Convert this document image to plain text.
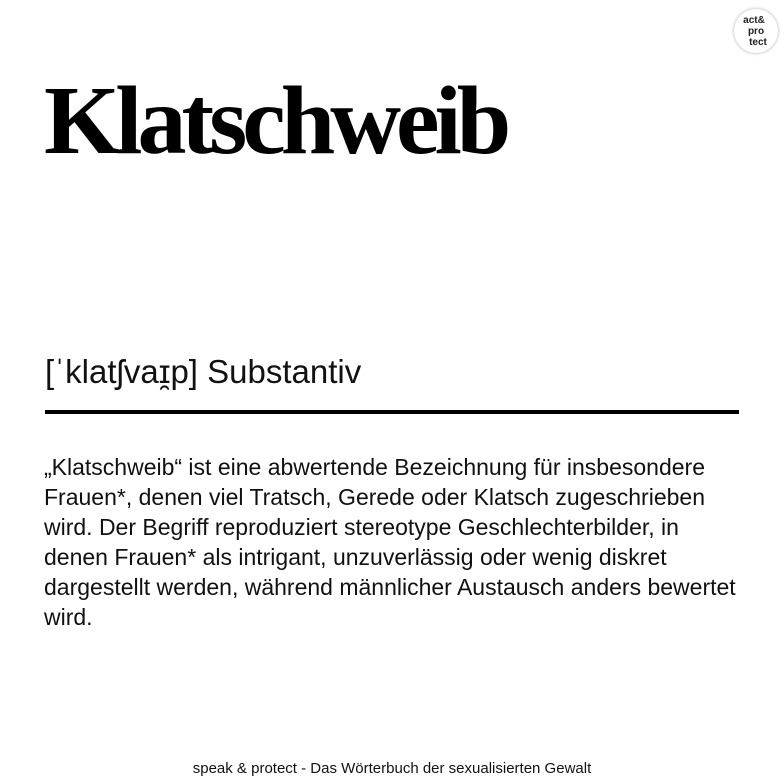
act&
pro
tect
Klatschweib
[ˈklatʃvaɪ̯p] Substantiv

„Klatschweib“ ist eine abwertende Bezeichnung für insbesondere Frauen*, denen viel Tratsch, Gerede oder Klatsch zugeschrieben wird. Der Begriff reproduziert stereotype Geschlechterbilder, in denen Frauen* als intrigant, unzuverlässig oder wenig diskret dargestellt werden, während männlicher Austausch anders bewertet wird.

speak & protect - Das Wörterbuch der sexualisierten Gewalt
